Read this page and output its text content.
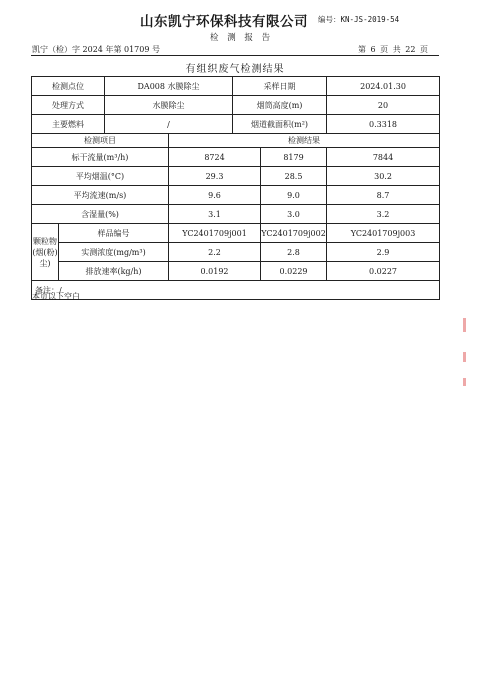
山东凯宁环保科技有限公司 编号：KN-JS-2019-54
检 测 报 告
凯宁（检）字 2024 年第 01709 号	第 6 页 共 22 页
有组织废气检测结果
检测点位		DA008 水膜除尘		采样日期		2024.01.30
处理方式		水膜除尘		烟筒高度(m)		20
主要燃料		/		烟道截面积(m²)		0.3318
检测项目			检测结果			
标干流量(m³/h)			8724		8179	7844
平均烟温(°C)			29.3		28.5	30.2
平均流速(m/s)			9.6		9.0	8.7
含湿量(%)			3.1		3.0	3.2
颗粒物(烟(粉)尘)	样品编号		YC2401709j001		YC2401709j002	YC2401709j003
	实测浓度(mg/m³)		2.2		2.8	2.9
	排放速率(kg/h)		0.0192		0.0229	0.0227
备注：/						
本页以下空白
